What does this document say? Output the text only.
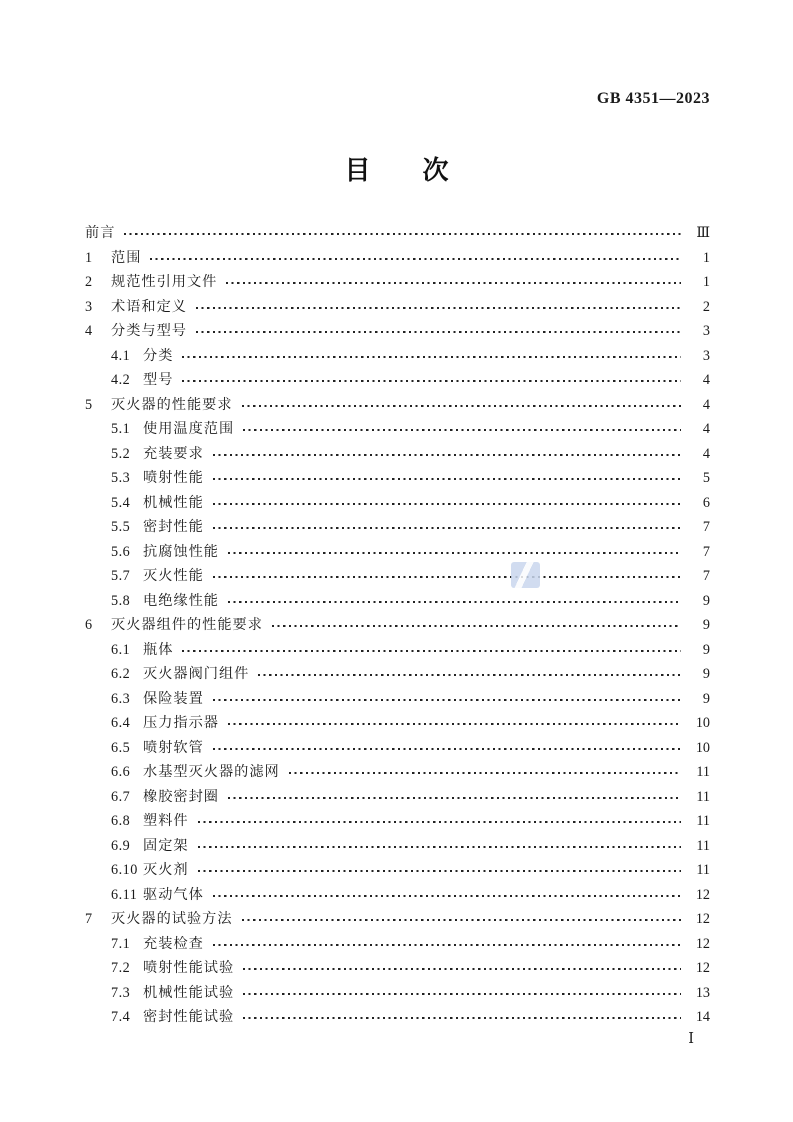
GB 4351—2023
目　　次
前言	Ⅲ
1	范围	1
2	规范性引用文件	1
3	术语和定义	2
4	分类与型号	3
4.1 分类	3
4.2 型号	4
5	灭火器的性能要求	4
5.1 使用温度范围	4
5.2 充装要求	4
5.3 喷射性能	5
5.4 机械性能	6
5.5 密封性能	7
5.6 抗腐蚀性能	7
5.7 灭火性能	7
5.8 电绝缘性能	9
6	灭火器组件的性能要求	9
6.1 瓶体	9
6.2 灭火器阀门组件	9
6.3 保险装置	9
6.4 压力指示器	10
6.5 喷射软管	10
6.6 水基型灭火器的滤网	11
6.7 橡胶密封圈	11
6.8 塑料件	11
6.9 固定架	11
6.10 灭火剂	11
6.11 驱动气体	12
7	灭火器的试验方法	12
7.1 充装检查	12
7.2 喷射性能试验	12
7.3 机械性能试验	13
7.4 密封性能试验	14
Ⅰ
